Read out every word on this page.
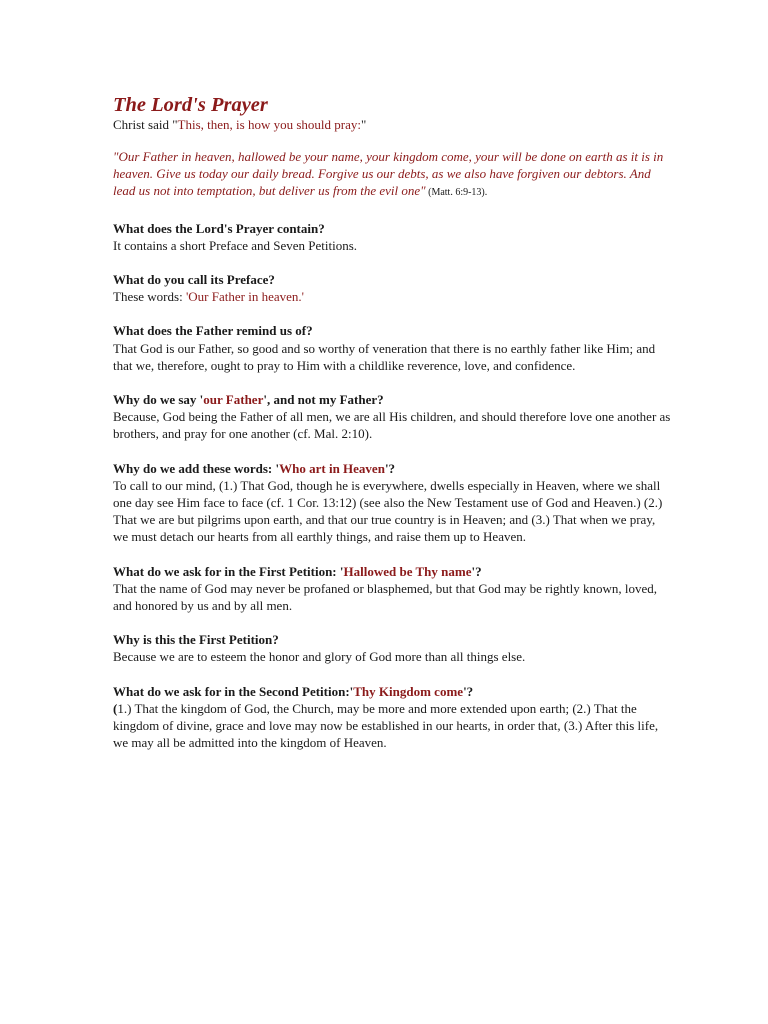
The Lord's Prayer

Christ said "This, then, is how you should pray:"

"Our Father in heaven, hallowed be your name, your kingdom come, your will be done on earth as it is in heaven. Give us today our daily bread. Forgive us our debts, as we also have forgiven our debtors. And lead us not into temptation, but deliver us from the evil one" (Matt. 6:9-13).

What does the Lord's Prayer contain?
It contains a short Preface and Seven Petitions.
What do you call its Preface?
These words: 'Our Father in heaven.'
What does the Father remind us of?
That God is our Father, so good and so worthy of veneration that there is no earthly father like Him; and that we, therefore, ought to pray to Him with a childlike reverence, love, and confidence.
Why do we say 'our Father', and not my Father?
Because, God being the Father of all men, we are all His children, and should therefore love one another as brothers, and pray for one another (cf. Mal. 2:10).
Why do we add these words: 'Who art in Heaven'?
To call to our mind, (1.) That God, though he is everywhere, dwells especially in Heaven, where we shall one day see Him face to face (cf. 1 Cor. 13:12) (see also the New Testament use of God and Heaven.) (2.) That we are but pilgrims upon earth, and that our true country is in Heaven; and (3.) That when we pray, we must detach our hearts from all earthly things, and raise them up to Heaven.
What do we ask for in the First Petition: 'Hallowed be Thy name'?
That the name of God may never be profaned or blasphemed, but that God may be rightly known, loved, and honored by us and by all men.
Why is this the First Petition?
Because we are to esteem the honor and glory of God more than all things else.
What do we ask for in the Second Petition:'Thy Kingdom come'?
(1.) That the kingdom of God, the Church, may be more and more extended upon earth; (2.) That the kingdom of divine, grace and love may now be established in our hearts, in order that, (3.) After this life, we may all be admitted into the kingdom of Heaven.
